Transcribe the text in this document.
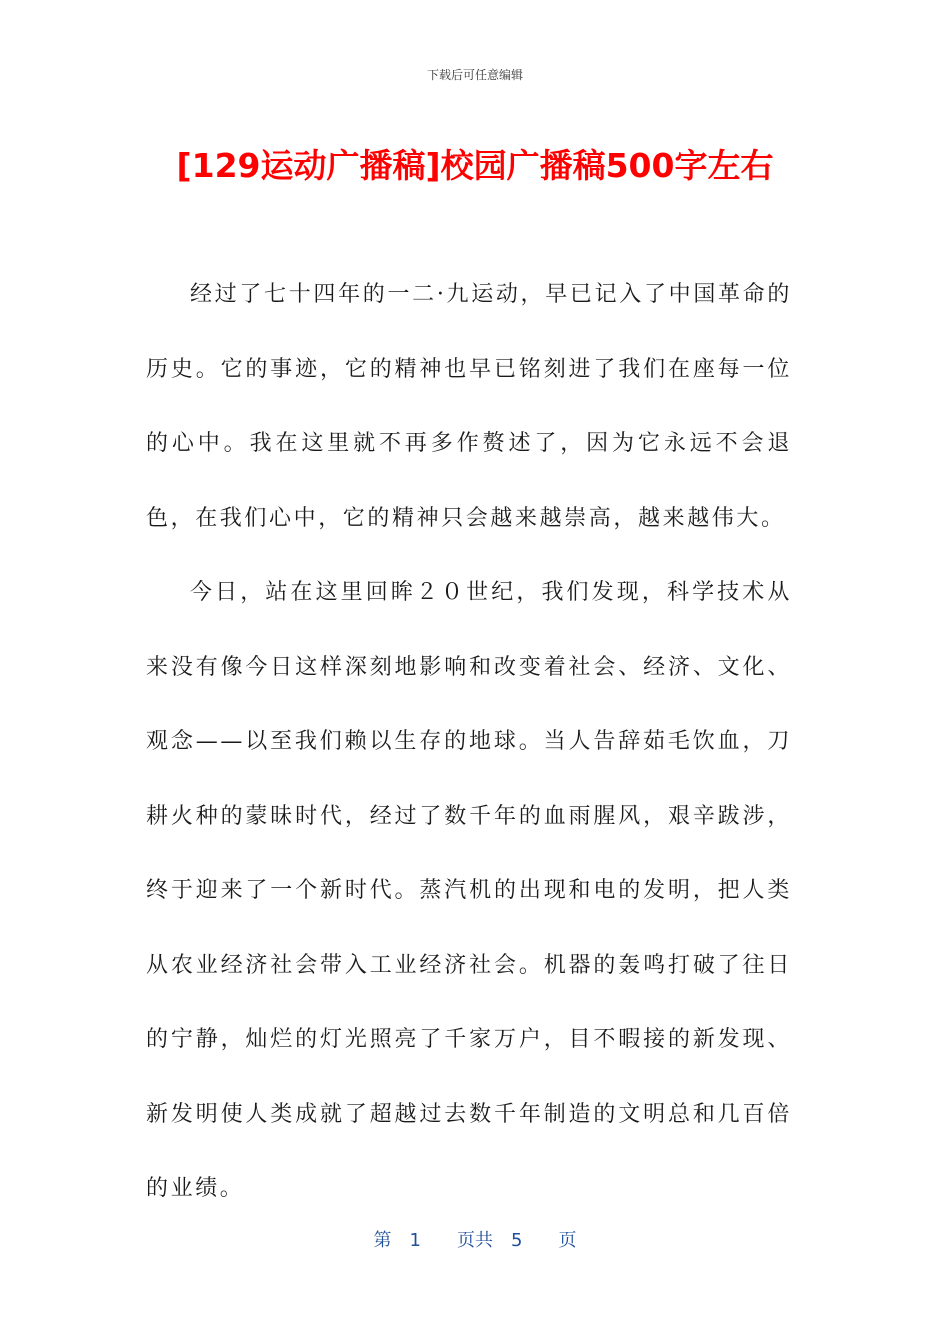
下载后可任意编辑
[129运动广播稿]校园广播稿500字左右

经过了七十四年的一二·九运动，早已记入了中国革命的历史。它的事迹，它的精神也早已铭刻进了我们在座每一位的心中。我在这里就不再多作赘述了，因为它永远不会退色，在我们心中，它的精神只会越来越崇高，越来越伟大。

今日，站在这里回眸２０世纪，我们发现，科学技术从来没有像今日这样深刻地影响和改变着社会、经济、文化、观念——以至我们赖以生存的地球。当人告辞茹毛饮血，刀耕火种的蒙昧时代，经过了数千年的血雨腥风，艰辛跋涉，终于迎来了一个新时代。蒸汽机的出现和电的发明，把人类从农业经济社会带入工业经济社会。机器的轰鸣打破了往日的宁静，灿烂的灯光照亮了千家万户，目不暇接的新发现、新发明使人类成就了超越过去数千年制造的文明总和几百倍的业绩。

第　1　　页共　5　　页
